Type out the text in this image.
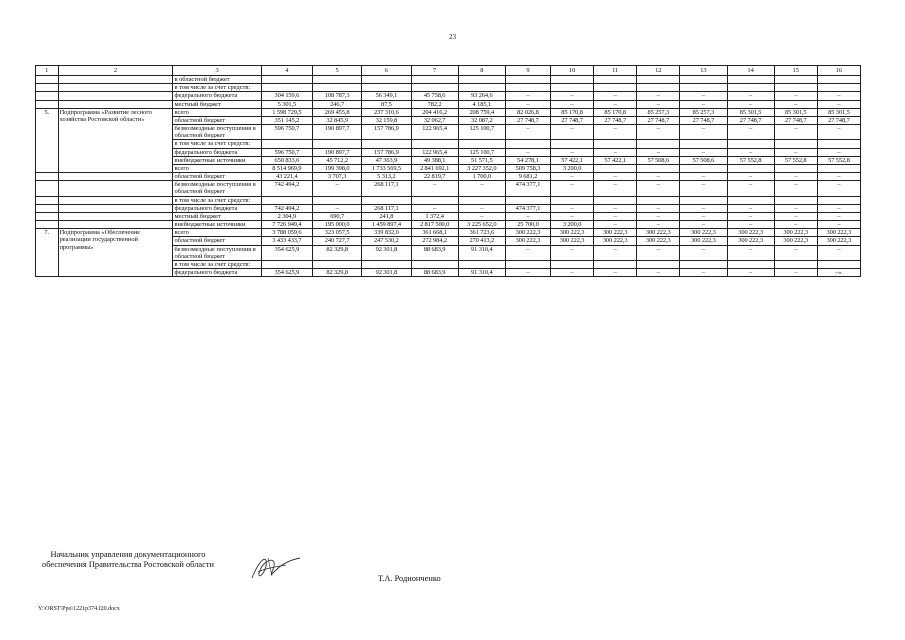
23
1	2	3	4	5	6	7	8	9	10	11	12	13	14	15	16
		в областной бюджет													
		в том числе за счет средств:													
		федерального бюджета	304 159,6	108 787,3	56 349,1	45 758,6	93 264,6	–	–	–	–	–	–	–	–
		местный бюджет	5 301,5	246,7	87,5	782,2	4 185,1	–	–	–	–	–	–	–	–
5.	Подпрограмма «Развитие лесного хозяйства Ростовской области»	всего	1 598 729,5	269 455,8	237 310,6	204 416,2	208 759,4	82 026,8	85 170,8	85 170,8	85 257,3	85 257,3	85 301,5	85 301,5	85 301,5
		областной бюджет	351 145,2	32 845,9	32 159,8	32 062,7	32 087,2	27 748,7	27 748,7	27 748,7	27 748,7	27 748,7	27 748,7	27 748,7	27 748,7
		безвозмездные поступления в областной бюджет	596 750,7	190 897,7	157 786,9	122 965,4	125 100,7	–	–	–	–	–	–	–	–
		в том числе за счет средств:													
		федерального бюджета	596 750,7	190 897,7	157 786,9	122 965,4	125 100,7	–	–	–	–	–	–	–	–
		внебюджетные источники	650 833,6	45 712,2	47 363,9	49 388,1	51 571,5	54 278,1	57 422,1	57 422,1	57 508,6	57 508,6	57 552,8	57 552,8	57 552,8
		всего	8 514 969,9	199 398,0	1 733 569,5	2 841 692,1	3 227 352,0	509 758,3	3 200,0						
		областной бюджет	43 221,4	3 707,3	5 313,2	22 819,7	1 700,0	9 681,2	–	–	–	–	–	–	–
		безвозмездные поступления в областной бюджет	742 494,2	–	268 117,1	–	–	474 377,1	–	–	–	–	–	–	–
		в том числе за счет средств:													
		федерального бюджета	742 494,2	–	268 117,1	–	–	474 377,1	–	–	–	–	–	–	–
		местный бюджет	2 304,9	690,7	241,8	1 372,4	–	–	–	–	–	–	–	–	–
		внебюджетные источники	7 726 949,4	195 000,0	1 459 897,4	2 817 500,0	3 225 652,0	25 700,0	3 200,0	–	–	–	–	–	–
7.	Подпрограмма «Обеспечение реализации государственной программы»	всего	3 788 059,6	323 057,5	339 832,0	361 668,1	361 723,6	300 222,3	300 222,3	300 222,3	300 222,3	300 222,3	300 222,3	300 222,3	300 222,3
		областной бюджет	3 433 433,7	240 727,7	247 530,2	272 984,2	270 413,2	300 222,3	300 222,3	300 222,3	300 222,3	300 222,3	300 222,3	300 222,3	300 222,3
		безвозмездные поступления в областной бюджет	354 625,9	82 329,8	92 301,8	88 683,9	91 310,4	–	–	–	–	–	–	–	–
		в том числе за счет средств:													
		федерального бюджета	354 625,9	82 329,8	92 301,8	88 683,9	91 310,4	–	–	–	–	–	–	–	–».
Начальник управления документационного обеспечения Правительства Ростовской области
Т.А. Родионченко
Y:\ORST\Ppo\1221p374.f20.docx
